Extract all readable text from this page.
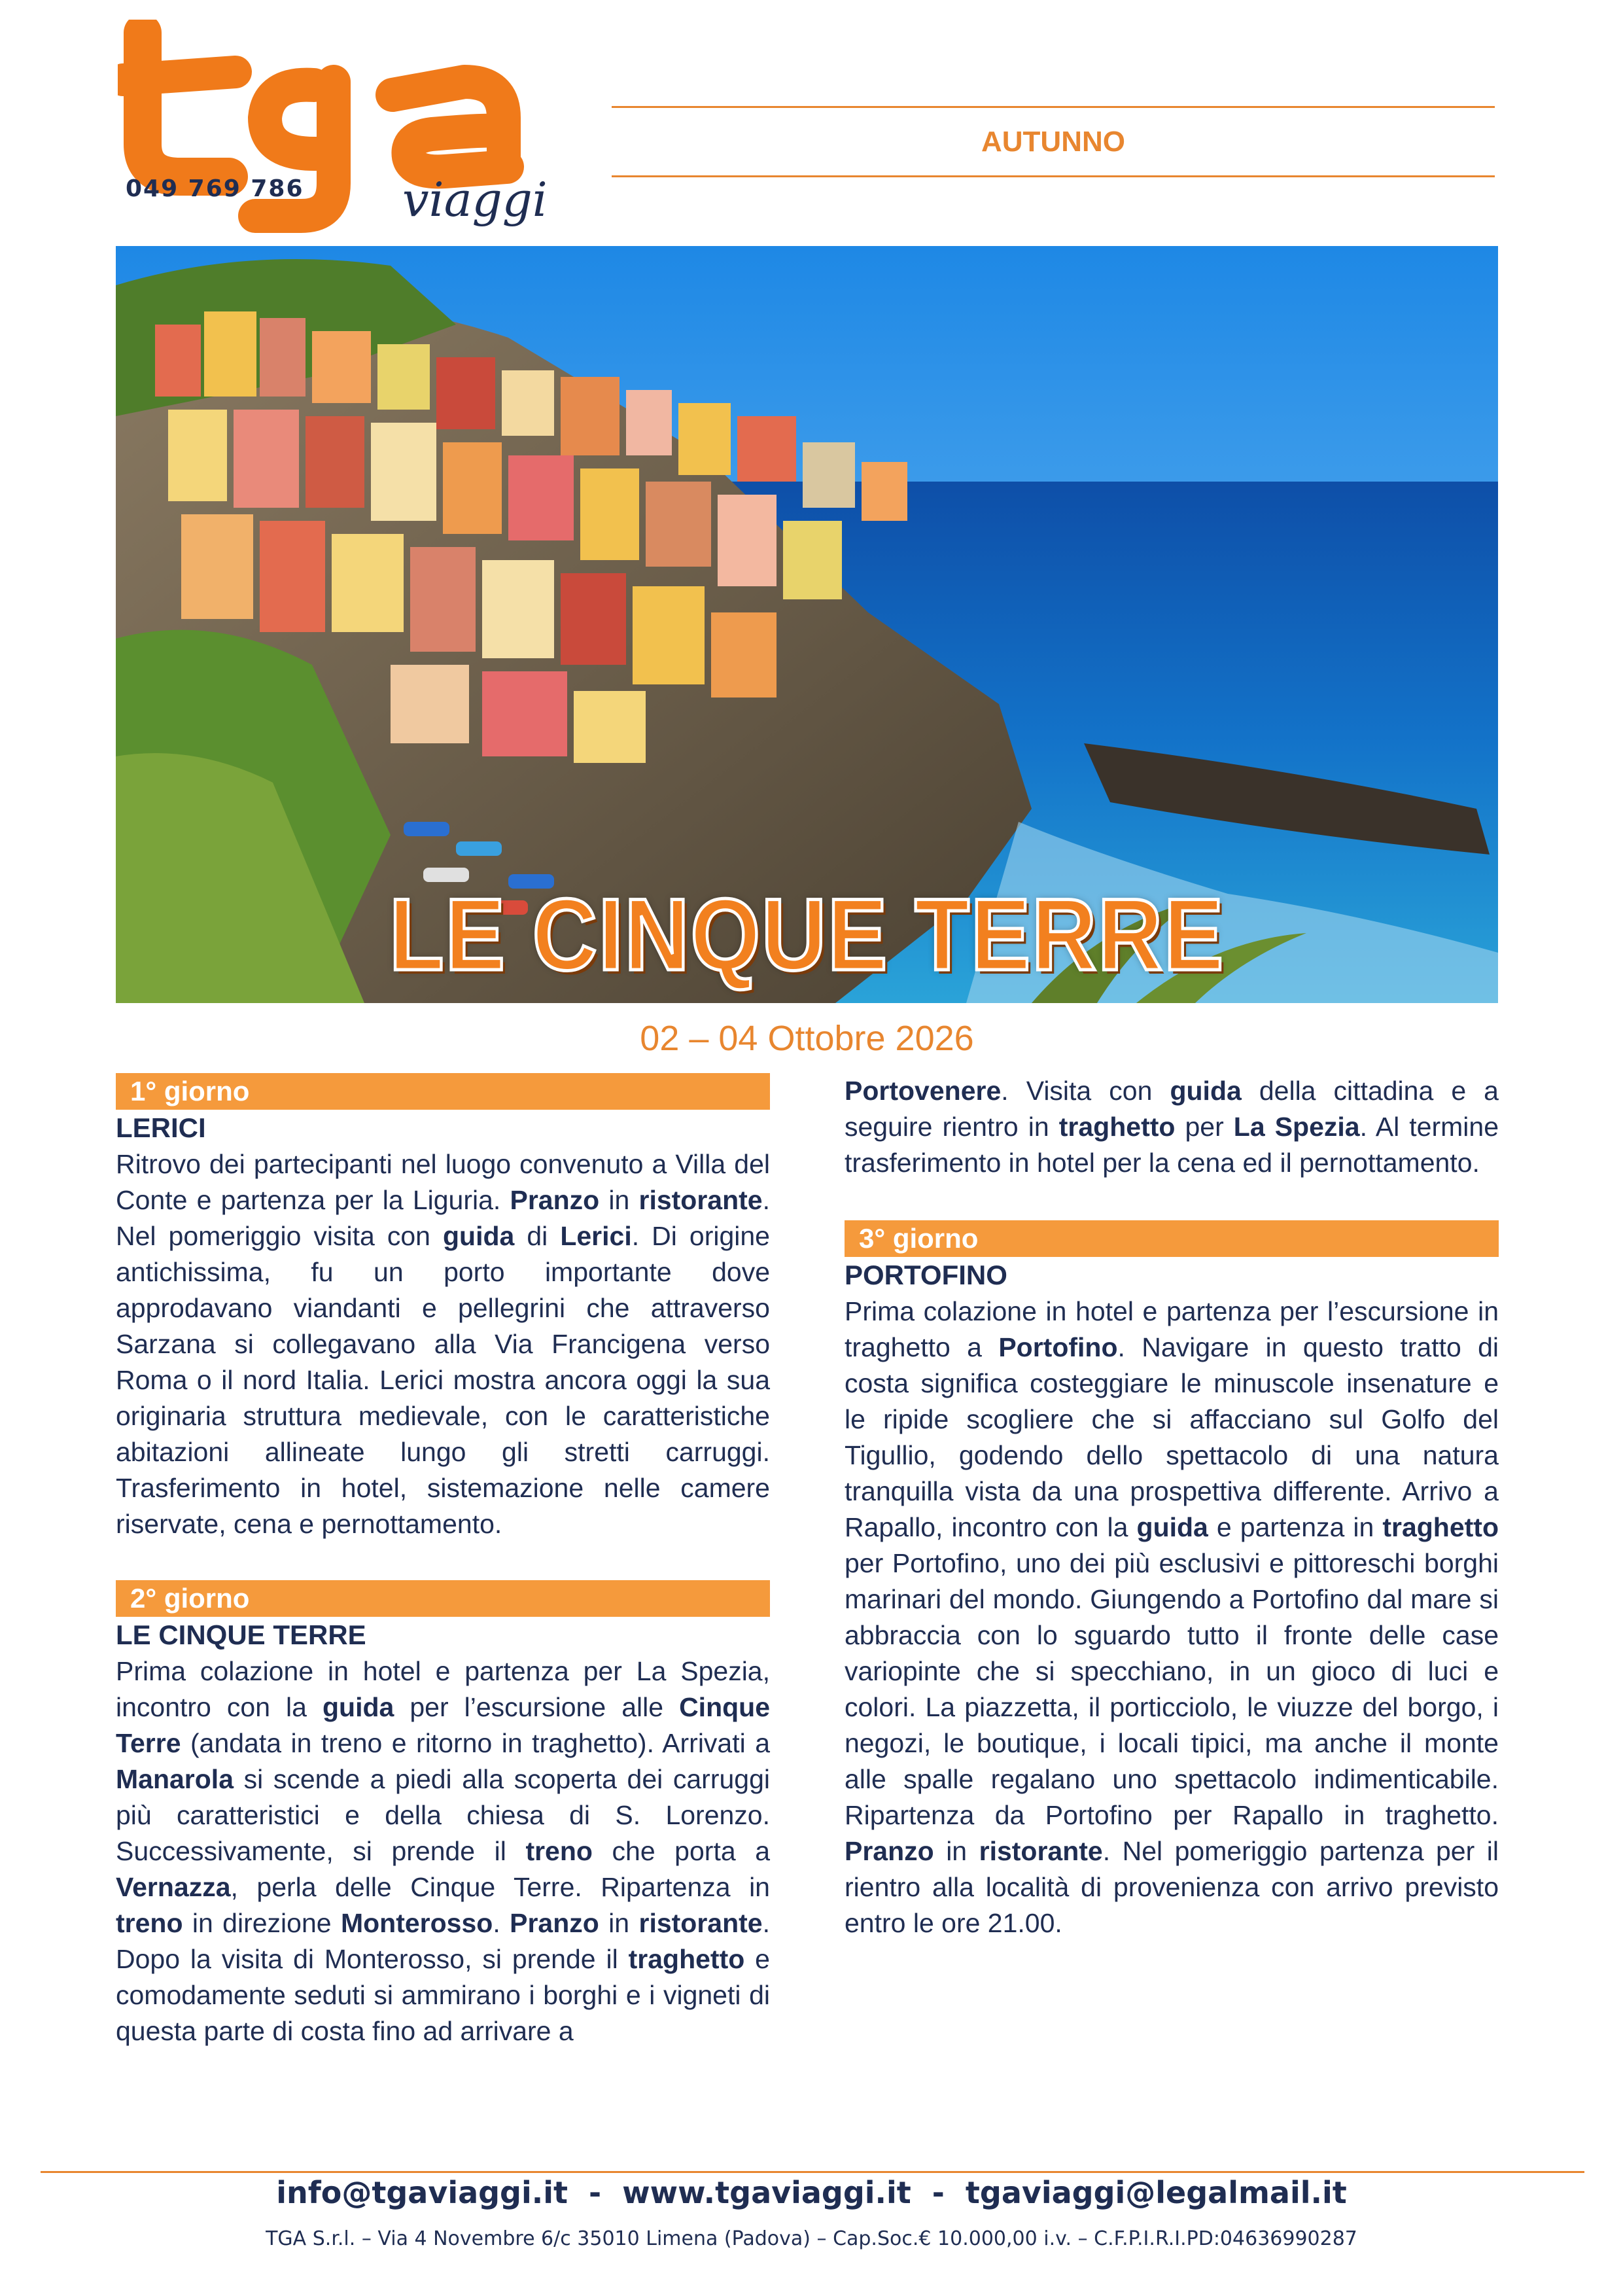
viaggi
049 769 786
AUTUNNO
LE CINQUE TERRE
02 – 04 Ottobre 2026
1° giorno

LERICI

Ritrovo dei partecipanti nel luogo convenuto a Villa del Conte e partenza per la Liguria. Pranzo in ristorante. Nel pomeriggio visita con guida di Lerici. Di origine antichissima, fu un porto importante dove approdavano viandanti e pellegrini che attraverso Sarzana si collegavano alla Via Francigena verso Roma o il nord Italia. Lerici mostra ancora oggi la sua originaria struttura medievale, con le caratteristiche abitazioni allineate lungo gli stretti carruggi. Trasferimento in hotel, sistemazione nelle camere riservate, cena e pernottamento.

2° giorno

LE CINQUE TERRE

Prima colazione in hotel e partenza per La Spezia, incontro con la guida per l’escursione alle Cinque Terre (andata in treno e ritorno in traghetto). Arrivati a Manarola si scende a piedi alla scoperta dei carruggi più caratteristici e della chiesa di S. Lorenzo. Successivamente, si prende il treno che porta a Vernazza, perla delle Cinque Terre. Ripartenza in treno in direzione Monterosso. Pranzo in ristorante. Dopo la visita di Monterosso, si prende il traghetto e comodamente seduti si ammirano i borghi e i vigneti di questa parte di costa fino ad arrivare a

Portovenere. Visita con guida della cittadina e a seguire rientro in traghetto per La Spezia. Al termine trasferimento in hotel per la cena ed il pernottamento.

3° giorno

PORTOFINO

Prima colazione in hotel e partenza per l’escursione in traghetto a Portofino. Navigare in questo tratto di costa significa costeggiare le minuscole insenature e le ripide scogliere che si affacciano sul Golfo del Tigullio, godendo dello spettacolo di una natura tranquilla vista da una prospettiva differente. Arrivo a Rapallo, incontro con la guida e partenza in traghetto per Portofino, uno dei più esclusivi e pittoreschi borghi marinari del mondo. Giungendo a Portofino dal mare si abbraccia con lo sguardo tutto il fronte delle case variopinte che si specchiano, in un gioco di luci e colori. La piazzetta, il porticciolo, le viuzze del borgo, i negozi, le boutique, i locali tipici, ma anche il monte alle spalle regalano uno spettacolo indimenticabile. Ripartenza da Portofino per Rapallo in traghetto. Pranzo in ristorante. Nel pomeriggio partenza per il rientro alla località di provenienza con arrivo previsto entro le ore 21.00.

info@tgaviaggi.it  -  www.tgaviaggi.it  -  tgaviaggi@legalmail.it
TGA S.r.l. – Via 4 Novembre 6/c 35010 Limena (Padova) – Cap.Soc.€ 10.000,00 i.v. – C.F.P.I.R.I.PD:04636990287
